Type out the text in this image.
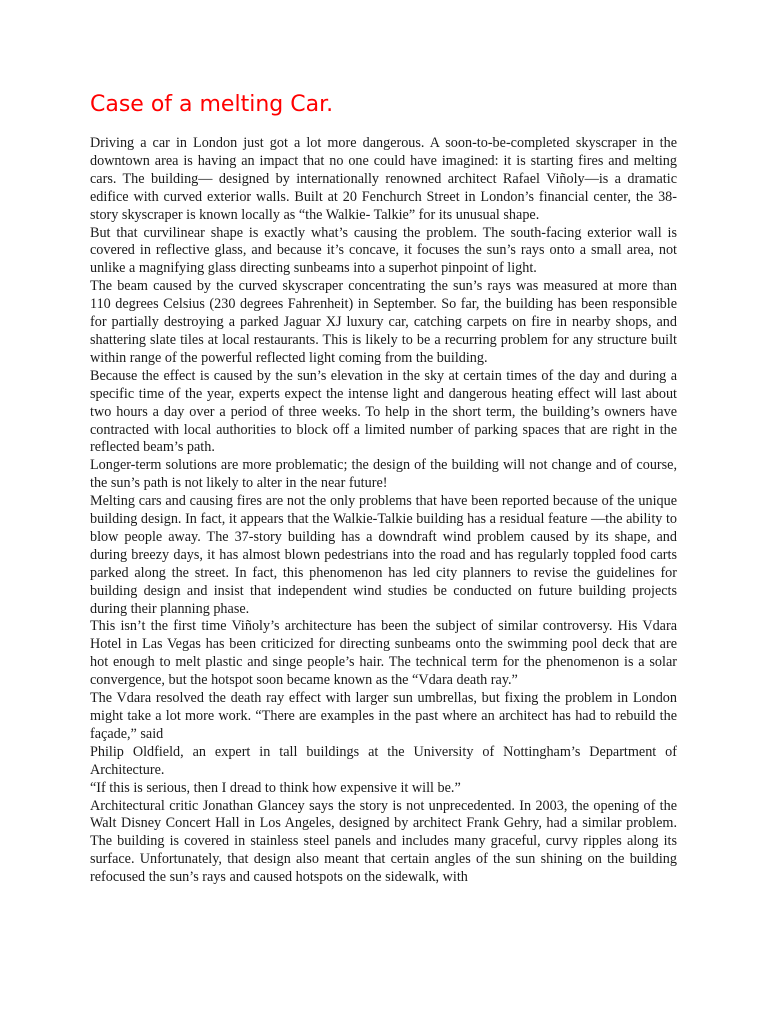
Case of a melting Car.

Driving a car in London just got a lot more dangerous. A soon-to-be-completed skyscraper in the downtown area is having an impact that no one could have imagined: it is starting fires and melting cars. The building— designed by internationally renowned architect Rafael Viñoly—is a dramatic edifice with curved exterior walls. Built at 20 Fenchurch Street in London’s financial center, the 38-story skyscraper is known locally as “the Walkie- Talkie” for its unusual shape.

But that curvilinear shape is exactly what’s causing the problem. The south-facing exterior wall is covered in reflective glass, and because it’s concave, it focuses the sun’s rays onto a small area, not unlike a magnifying glass directing sunbeams into a superhot pinpoint of light.

The beam caused by the curved skyscraper concentrating the sun’s rays was measured at more than 110 degrees Celsius (230 degrees Fahrenheit) in September. So far, the building has been responsible for partially destroying a parked Jaguar XJ luxury car, catching carpets on fire in nearby shops, and shattering slate tiles at local restaurants. This is likely to be a recurring problem for any structure built within range of the powerful reflected light coming from the building.

Because the effect is caused by the sun’s elevation in the sky at certain times of the day and during a specific time of the year, experts expect the intense light and dangerous heating effect will last about two hours a day over a period of three weeks. To help in the short term, the building’s owners have contracted with local authorities to block off a limited number of parking spaces that are right in the reflected beam’s path.

Longer-term solutions are more problematic; the design of the building will not change and of course, the sun’s path is not likely to alter in the near future!

Melting cars and causing fires are not the only problems that have been reported because of the unique building design. In fact, it appears that the Walkie-Talkie building has a residual feature —the ability to blow people away. The 37-story building has a downdraft wind problem caused by its shape, and during breezy days, it has almost blown pedestrians into the road and has regularly toppled food carts parked along the street. In fact, this phenomenon has led city planners to revise the guidelines for building design and insist that independent wind studies be conducted on future building projects during their planning phase.

This isn’t the first time Viñoly’s architecture has been the subject of similar controversy. His Vdara Hotel in Las Vegas has been criticized for directing sunbeams onto the swimming pool deck that are hot enough to melt plastic and singe people’s hair. The technical term for the phenomenon is a solar convergence, but the hotspot soon became known as the “Vdara death ray.”

The Vdara resolved the death ray effect with larger sun umbrellas, but fixing the problem in London might take a lot more work. “There are examples in the past where an architect has had to rebuild the façade,” said

Philip Oldfield, an expert in tall buildings at the University of Nottingham’s Department of Architecture.

“If this is serious, then I dread to think how expensive it will be.”

Architectural critic Jonathan Glancey says the story is not unprecedented. In 2003, the opening of the Walt Disney Concert Hall in Los Angeles, designed by architect Frank Gehry, had a similar problem. The building is covered in stainless steel panels and includes many graceful, curvy ripples along its surface. Unfortunately, that design also meant that certain angles of the sun shining on the building refocused the sun’s rays and caused hotspots on the sidewalk, with
